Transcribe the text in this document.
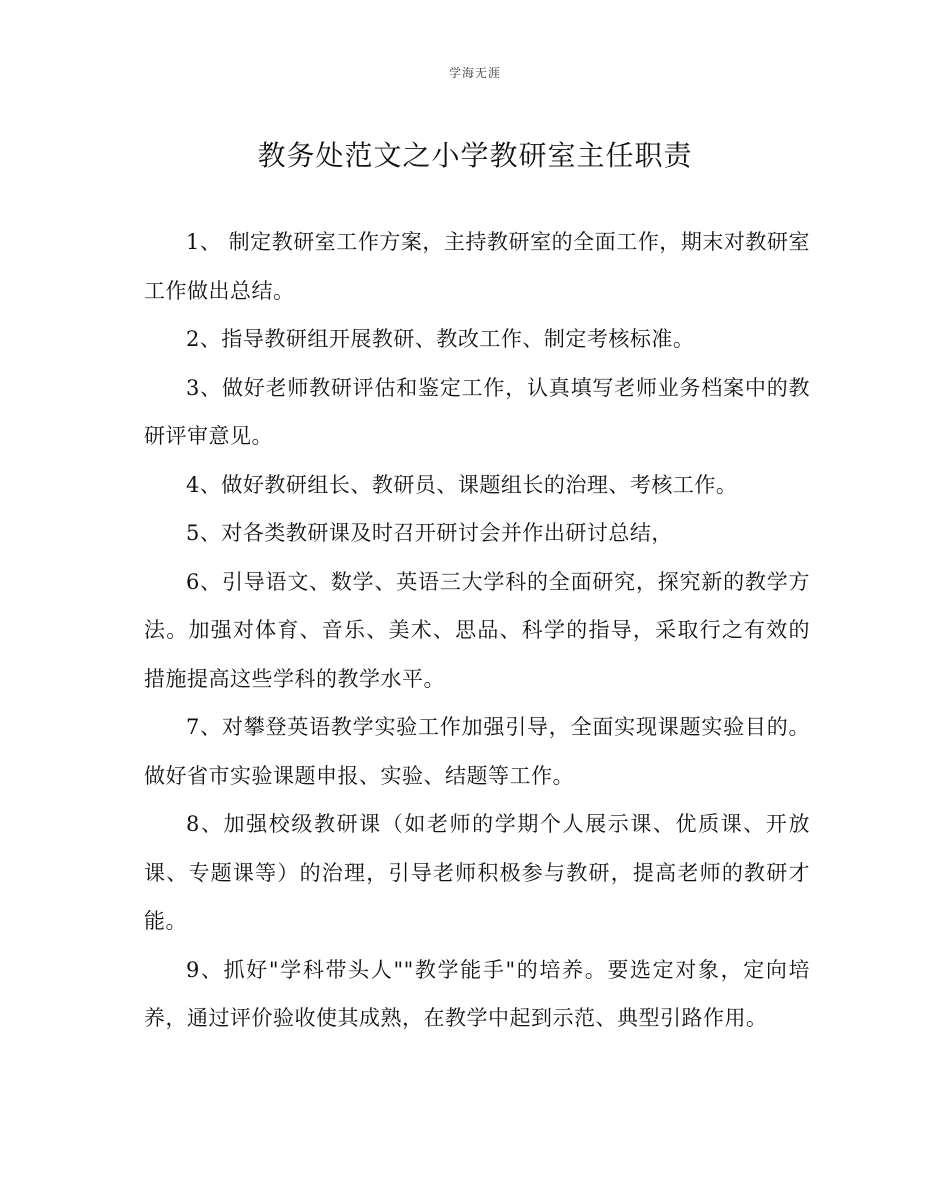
学海无涯
教务处范文之小学教研室主任职责

1、 制定教研室工作方案，主持教研室的全面工作，期末对教研室工作做出总结。

2、指导教研组开展教研、教改工作、制定考核标准。

3、做好老师教研评估和鉴定工作，认真填写老师业务档案中的教研评审意见。

4、做好教研组长、教研员、课题组长的治理、考核工作。

5、对各类教研课及时召开研讨会并作出研讨总结，

6、引导语文、数学、英语三大学科的全面研究，探究新的教学方法。加强对体育、音乐、美术、思品、科学的指导，采取行之有效的措施提高这些学科的教学水平。

7、对攀登英语教学实验工作加强引导，全面实现课题实验目的。做好省市实验课题申报、实验、结题等工作。

8、加强校级教研课（如老师的学期个人展示课、优质课、开放课、专题课等）的治理，引导老师积极参与教研，提高老师的教研才能。

9、抓好"学科带头人""教学能手"的培养。要选定对象，定向培养，通过评价验收使其成熟，在教学中起到示范、典型引路作用。
